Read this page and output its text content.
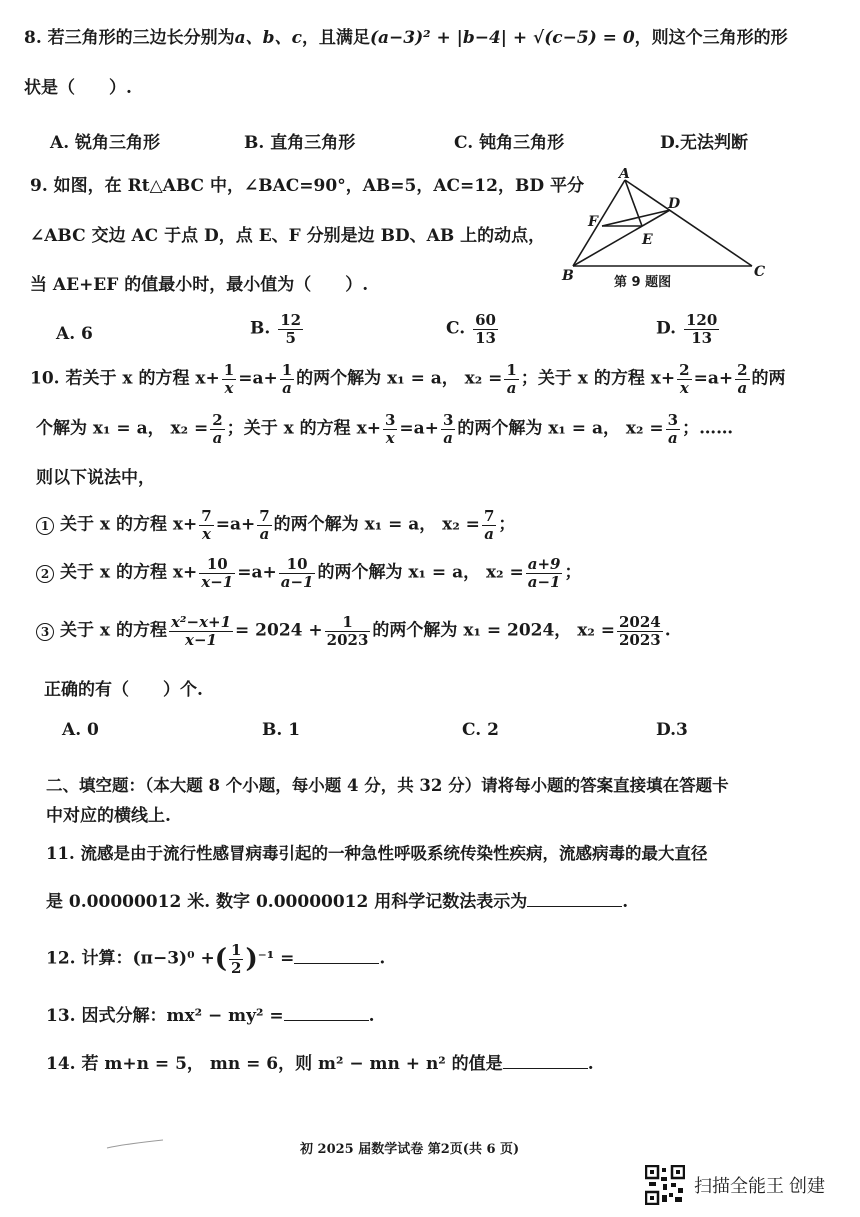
8. 若三角形的三边长分别为a、b、c，且满足(a−3)² + |b−4| + √(c−5) = 0，则这个三角形的形
状是（　　）.
A. 锐角三角形	B. 直角三角形	C. 钝角三角形	D.无法判断
9. 如图，在 Rt△ABC 中，∠BAC=90°，AB=5，AC=12，BD 平分
∠ABC 交边 AC 于点 D，点 E、F 分别是边 BD、AB 上的动点，
当 AE+EF 的值最小时，最小值为（　　）.
A
D
F
E
B	C
第 9 题图
A. 6	B. $\frac{12}{5}$	C. $\frac{60}{13}$	D. $\frac{120}{13}$
10. 若关于 x 的方程 $x+ \frac{1}{x} =a+ \frac{1}{a}$ 的两个解为 x₁ = a， $x_2 = \frac{1}{a}$ ；关于 x 的方程 $x+ \frac{2}{x} =a+ \frac{2}{a}$ 的两
个解为 x₁ = a， $x_2 = \frac{2}{a}$ ；关于 x 的方程 $x+ \frac{3}{x} =a+ \frac{3}{a}$ 的两个解为 x₁ = a， $x_2 = \frac{3}{a}$ ；……
则以下说法中，
1 关于 x 的方程 $x+ \frac{7}{x} =a+ \frac{7}{a}$ 的两个解为 x₁ = a， $x_2 = \frac{7}{a}$ ；
2 关于 x 的方程 $x+ \frac{10}{x-1} =a+ \frac{10}{a-1}$ 的两个解为 x₁ = a， $x_2 = \frac{a+9}{a-1}$ ；
3 关于 x 的方程 $\frac{\text{x²−x+1}}{x-1} = 2024 + \frac{1}{2023}$ 的两个解为 x₁ = 2024， $x_2 = \frac{2024}{2023}$ .
正确的有（　　）个.
A. 0	B. 1	C. 2	D.3
二、填空题：（本大题 8 个小题，每小题 4 分，共 32 分）请将每小题的答案直接填在答题卡
中对应的横线上.
11. 流感是由于流行性感冒病毒引起的一种急性呼吸系统传染性疾病，流感病毒的最大直径
是 0.00000012 米. 数字 0.00000012 用科学记数法表示为	.
12. 计算：(π−3)⁰ +( $\frac{1}{2} )^{-1}$ =	.
13. 因式分解：mx² − my² =	.
14. 若 m+n = 5， mn = 6，则 m² − mn + n² 的值是	.
初 2025 届数学试卷 第2页(共 6 页)
扫描全能王 创建
